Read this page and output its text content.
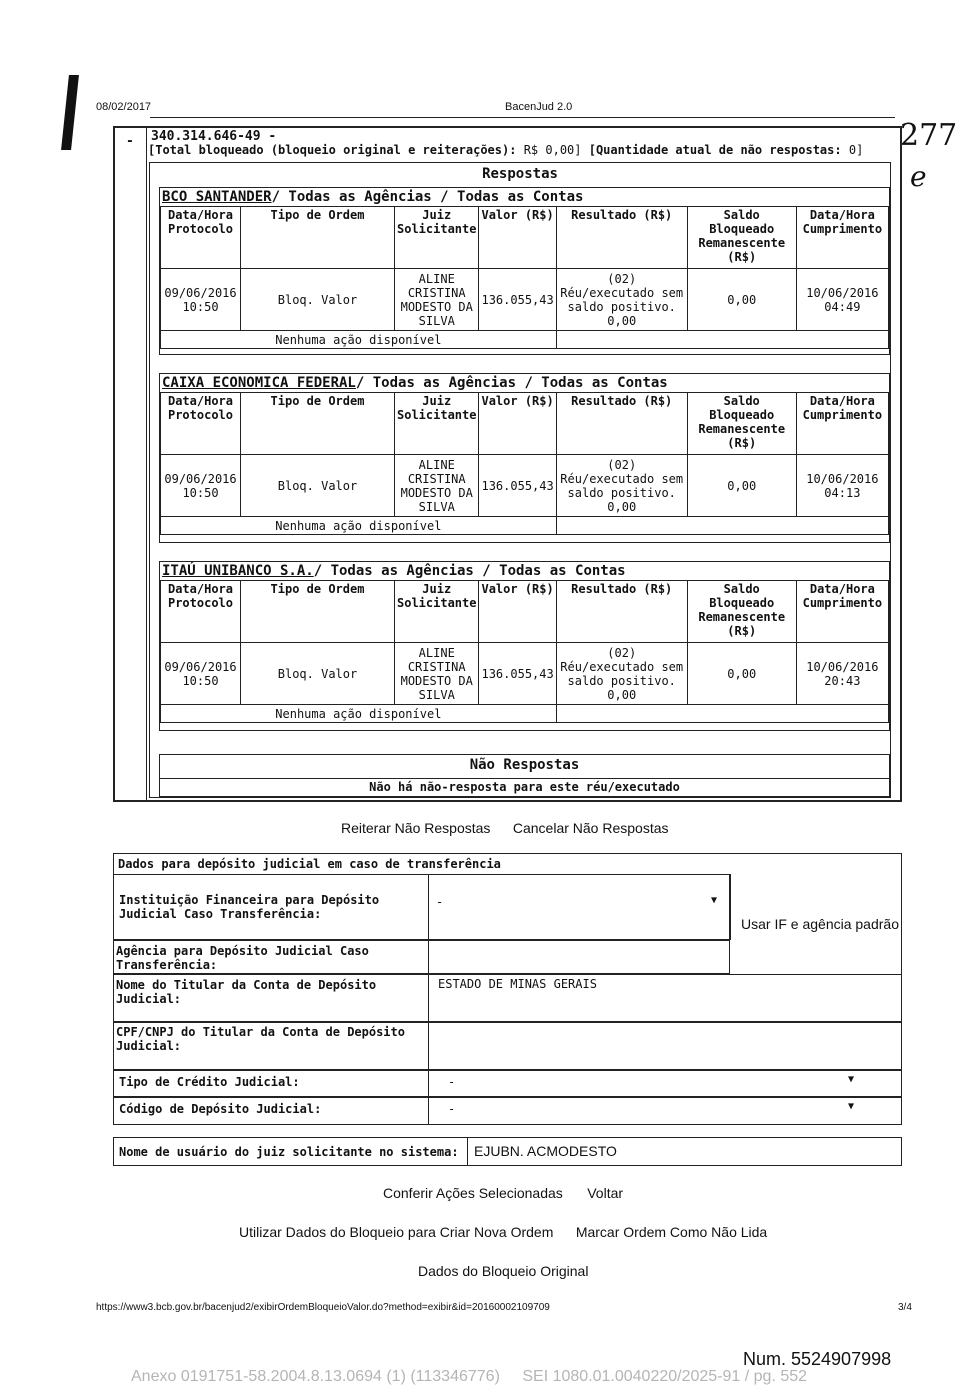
08/02/2017	BacenJud 2.0
277
e
- 340.314.646-49 -
[Total bloqueado (bloqueio original e reiterações): R$ 0,00] [Quantidade atual de não respostas: 0]
Respostas
BCO SANTANDER/ Todas as Agências / Todas as Contas
Data/Hora Protocolo	Tipo de Ordem	Juiz Solicitante	Valor (R$)	Resultado (R$)	Saldo Bloqueado Remanescente (R$)	Data/Hora Cumprimento
09/06/2016 10:50	Bloq. Valor	ALINE CRISTINA MODESTO DA SILVA	136.055,43	(02) Réu/executado sem saldo positivo. 0,00	0,00	10/06/2016 04:49
Nenhuma ação disponível						
CAIXA ECONOMICA FEDERAL/ Todas as Agências / Todas as Contas
Data/Hora Protocolo	Tipo de Ordem	Juiz Solicitante	Valor (R$)	Resultado (R$)	Saldo Bloqueado Remanescente (R$)	Data/Hora Cumprimento
09/06/2016 10:50	Bloq. Valor	ALINE CRISTINA MODESTO DA SILVA	136.055,43	(02) Réu/executado sem saldo positivo. 0,00	0,00	10/06/2016 04:13
Nenhuma ação disponível						
ITAÚ UNIBANCO S.A./ Todas as Agências / Todas as Contas
Data/Hora Protocolo	Tipo de Ordem	Juiz Solicitante	Valor (R$)	Resultado (R$)	Saldo Bloqueado Remanescente (R$)	Data/Hora Cumprimento
09/06/2016 10:50	Bloq. Valor	ALINE CRISTINA MODESTO DA SILVA	136.055,43	(02) Réu/executado sem saldo positivo. 0,00	0,00	10/06/2016 20:43
Nenhuma ação disponível						
Não Respostas
Não há não-resposta para este réu/executado
Reiterar Não Respostas Cancelar Não Respostas
Dados para depósito judicial em caso de transferência
Instituição Financeira para Depósito Judicial Caso Transferência:
-	▼
Usar IF e agência padrão
Agência para Depósito Judicial Caso Transferência:
Nome do Titular da Conta de Depósito Judicial:
ESTADO DE MINAS GERAIS
CPF/CNPJ do Titular da Conta de Depósito Judicial:
Tipo de Crédito Judicial:	-	▼
Código de Depósito Judicial:	-	▼
Nome de usuário do juiz solicitante no sistema: EJUBN. ACMODESTO
Conferir Ações Selecionadas Voltar
Utilizar Dados do Bloqueio para Criar Nova Ordem Marcar Ordem Como Não Lida
Dados do Bloqueio Original
https://www3.bcb.gov.br/bacenjud2/exibirOrdemBloqueioValor.do?method=exibir&id=20160002109709	3/4
Num. 5524907998
Anexo 0191751-58.2004.8.13.0694 (1) (113346776) SEI 1080.01.0040220/2025-91 / pg. 552
